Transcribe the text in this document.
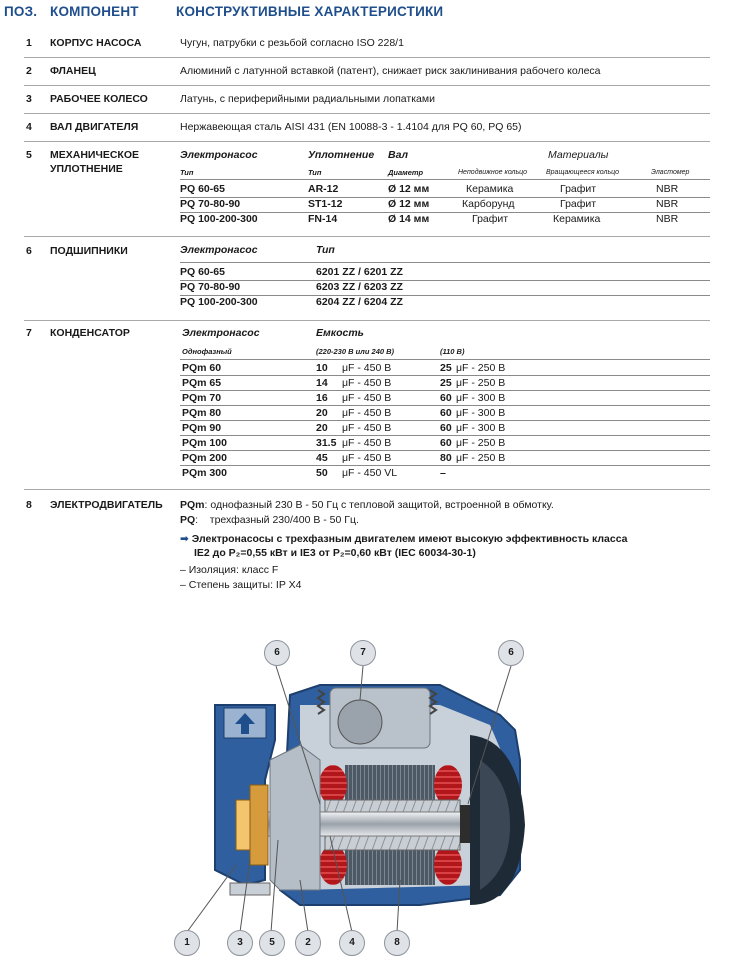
ПОЗ. КОМПОНЕНТ	КОНСТРУКТИВНЫЕ ХАРАКТЕРИСТИКИ
1 КОРПУС НАСОСА	Чугун, патрубки с резьбой согласно ISO 228/1
2 ФЛАНЕЦ	Алюминий с латунной вставкой (патент), снижает риск заклинивания рабочего колеса
3 РАБОЧЕЕ КОЛЕСО	Латунь, с периферийными радиальными лопатками
4 ВАЛ ДВИГАТЕЛЯ	Нержавеющая сталь AISI 431 (EN 10088-3 - 1.4104 для PQ 60, PQ 65)
5 МЕХАНИЧЕСКОЕ
УПЛОТНЕНИЕ
Электронасос	Уплотнение Вал	Материалы
Тип	Тип	Диаметр	Неподвижное кольцо	Вращающееся кольцо	Эластомер
PQ 60-65	AR-12	Ø 12 мм	Керамика	Графит	NBR
PQ 70-80-90	ST1-12	Ø 12 мм	Карборунд	Графит	NBR
PQ 100-200-300	FN-14	Ø 14 мм	Графит	Керамика	NBR
6 ПОДШИПНИКИ	Электронасос	Тип
PQ 60-65	6201 ZZ / 6201 ZZ
PQ 70-80-90	6203 ZZ / 6203 ZZ
PQ 100-200-300	6204 ZZ / 6204 ZZ
7 КОНДЕНСАТОР	Электронасос	Емкость
Однофазный	(220-230 В или 240 В)	(110 В)
PQm 60	10 μF - 450 В	25 μF - 250 В
PQm 65	14 μF - 450 В	25 μF - 250 В
PQm 70	16 μF - 450 В	60 μF - 300 В
PQm 80	20 μF - 450 В	60 μF - 300 В
PQm 90	20 μF - 450 В	60 μF - 300 В
PQm 100	31.5 μF - 450 В	60 μF - 250 В
PQm 200	45 μF - 450 В	80 μF - 250 В
PQm 300	50 μF - 450 VL	–
8 ЭЛЕКТРОДВИГАТЕЛЬ PQm: однофазный 230 В - 50 Гц с тепловой защитой, встроенной в обмотку.
PQ:    трехфазный 230/400 В - 50 Гц.
➡ Электронасосы с трехфазным двигателем имеют высокую эффективность класса
IE2 до P₂=0,55 кВт и IE3 от P₂=0,60 кВт (IEC 60034-30-1)
– Изоляция: класс F
– Степень защиты: IP X4
6	7	6
1	3	5	2	4	8
